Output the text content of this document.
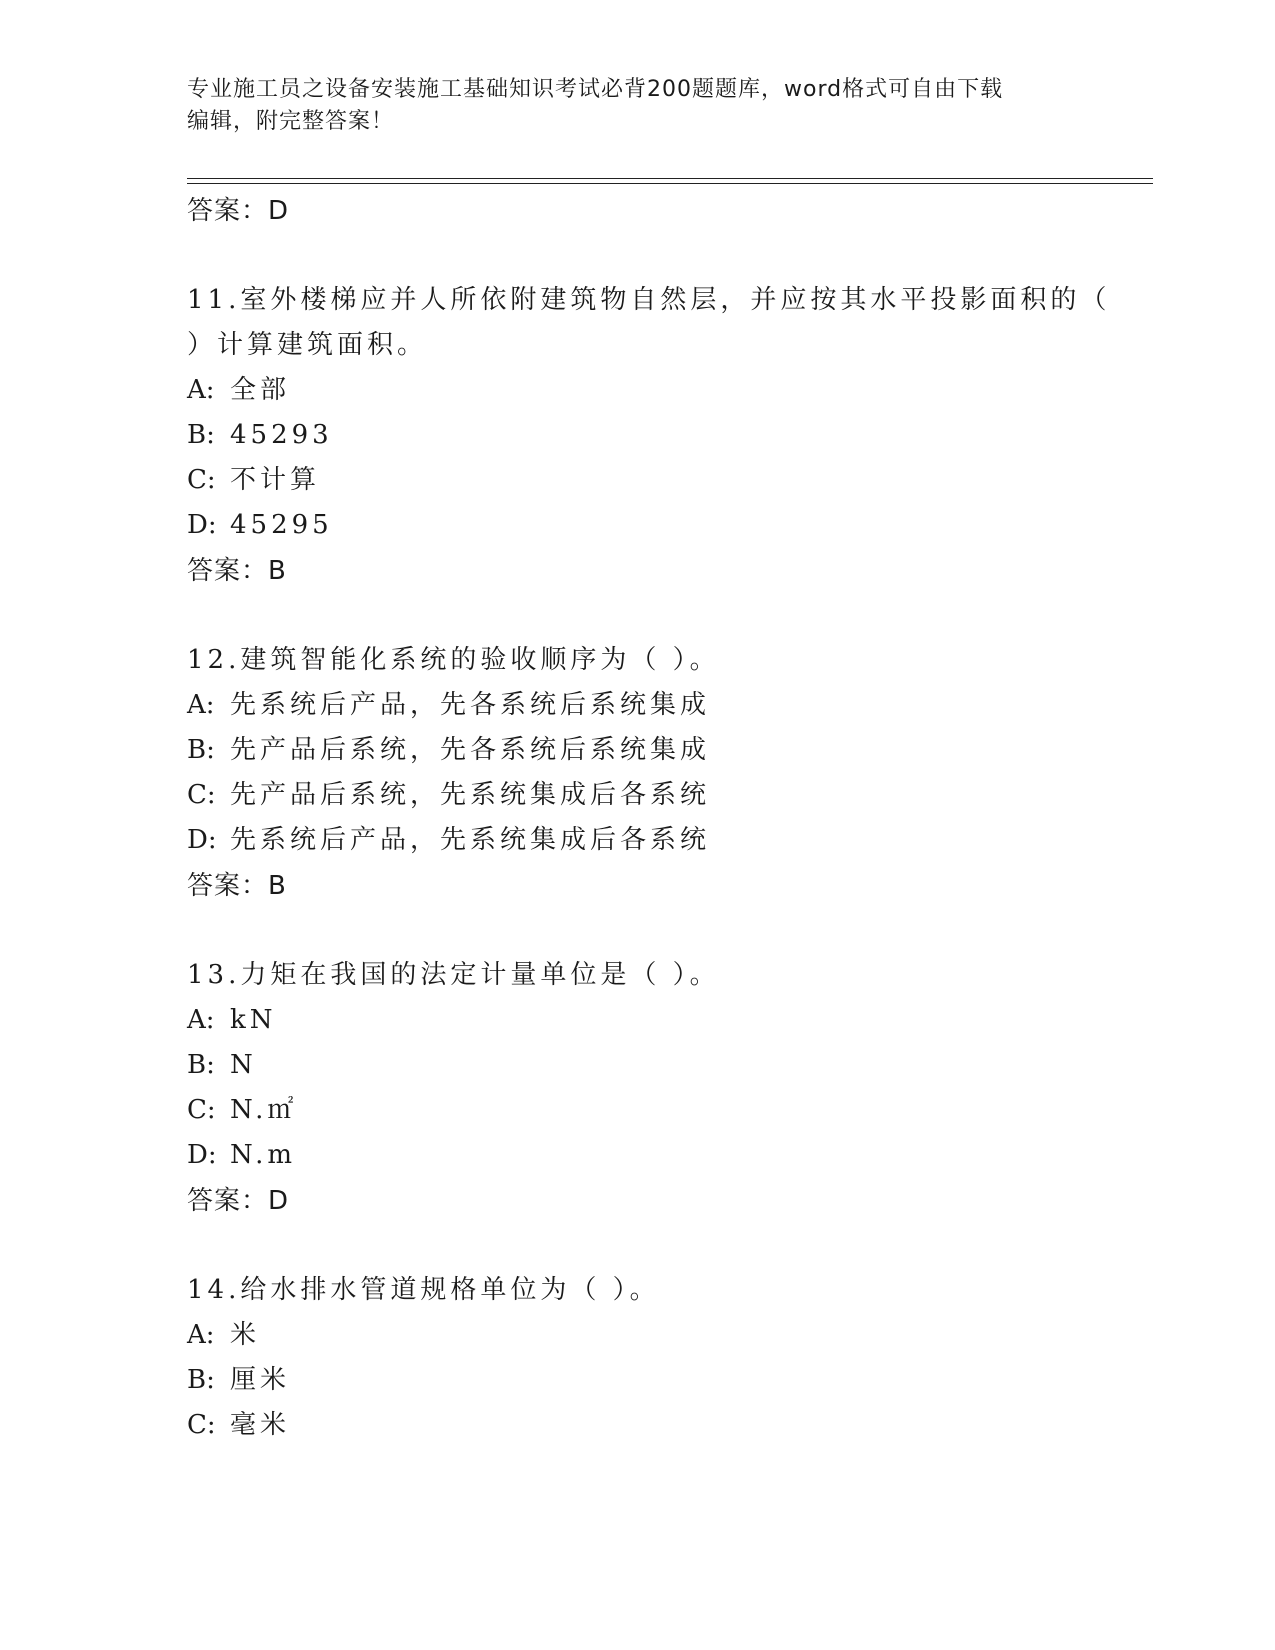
专业施工员之设备安装施工基础知识考试必背200题题库，word格式可自由下载
编辑，附完整答案！
答案：D
11.室外楼梯应并人所依附建筑物自然层，并应按其水平投影面积的（
）计算建筑面积。
A: 全部
B: 45293
C: 不计算
D: 45295
答案：B
12.建筑智能化系统的验收顺序为（ ）。
A: 先系统后产品，先各系统后系统集成
B: 先产品后系统，先各系统后系统集成
C: 先产品后系统，先系统集成后各系统
D: 先系统后产品，先系统集成后各系统
答案：B
13.力矩在我国的法定计量单位是（ ）。
A: kN
B: N
C: N.㎡
D: N.m
答案：D
14.给水排水管道规格单位为（ ）。
A: 米
B: 厘米
C: 毫米
